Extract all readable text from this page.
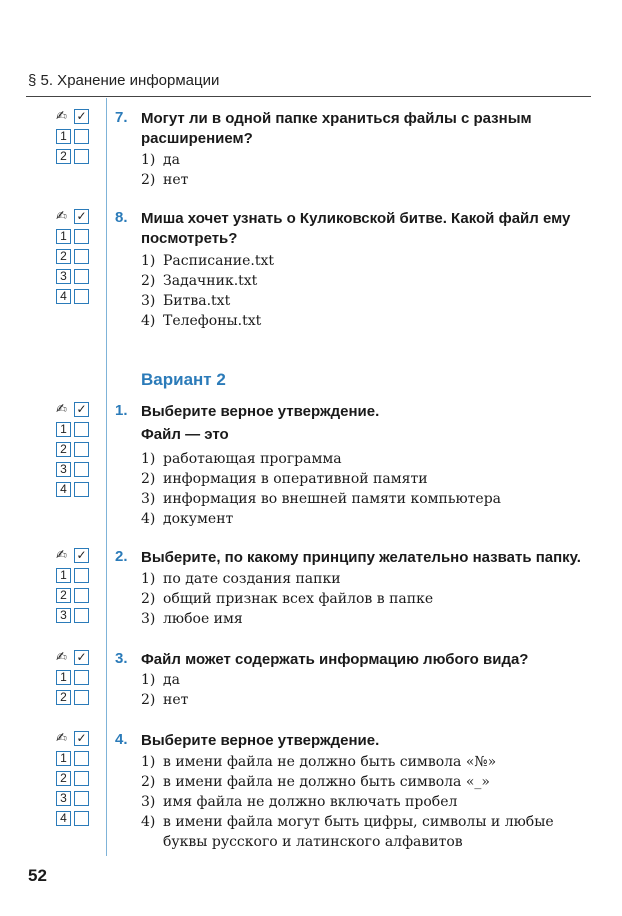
§ 5. Хранение информации
✍ ✓
1
2
7. Могут ли в одной папке храниться файлы с разным расширением?
1) да
2) нет
✍ ✓
1
2
3
4
8. Миша хочет узнать о Куликовской битве. Какой файл ему посмотреть?
1) Расписание.txt
2) Задачник.txt
3) Битва.txt
4) Телефоны.txt
Вариант 2
✍ ✓
1
2
3
4
1. Выберите верное утверждение.
Файл — это
1) работающая программа
2) информация в оперативной памяти
3) информация во внешней памяти компьютера
4) документ
✍ ✓
1
2
3
2. Выберите, по какому принципу желательно назвать папку.
1) по дате создания папки
2) общий признак всех файлов в папке
3) любое имя
✍ ✓
1
2
3. Файл может содержать информацию любого вида?
1) да
2) нет
✍ ✓
1
2
3
4
4. Выберите верное утверждение.
1) в имени файла не должно быть символа «№»
2) в имени файла не должно быть символа «_»
3) имя файла не должно включать пробел
4) в имени файла могут быть цифры, символы и любые буквы русского и латинского алфавитов
52
